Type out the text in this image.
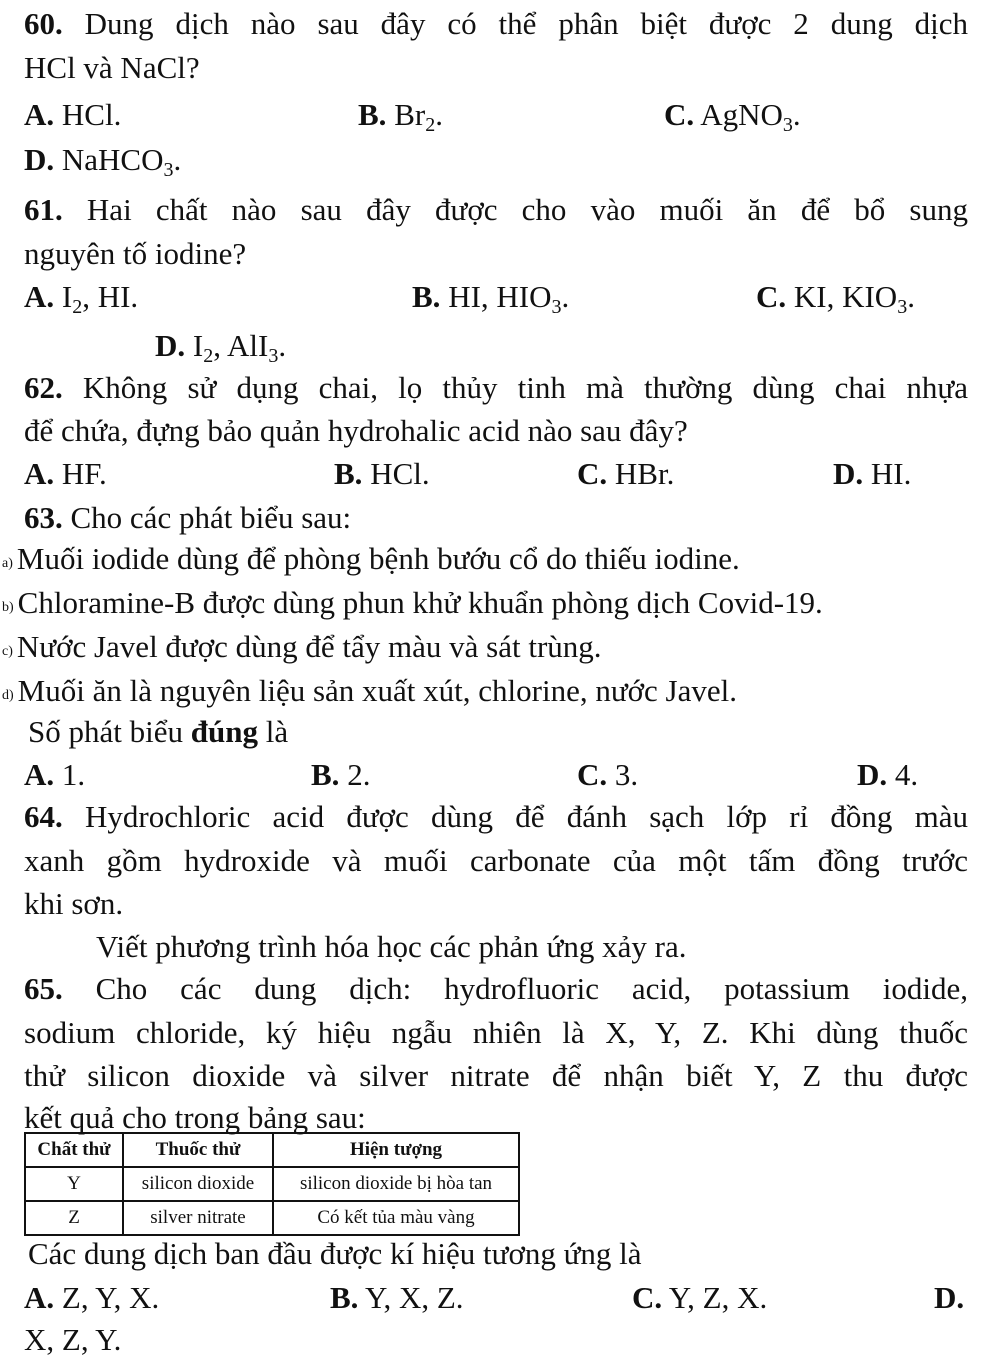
60. Dung dịch nào sau đây có thể phân biệt được 2 dung dịch
HCl và NaCl?
A. HCl.	B. $Br_2$.	C. AgNO$_3$.
D. NaHCO$_3$.
61. Hai chất nào sau đây được cho vào muối ăn để bổ sung
nguyên tố iodine?
A. $I_2$, HI.	B. HI, $HIO_3$.	C. KI, $KIO_3$.
D. $I_2$, AlI$_3$.
62. Không sử dụng chai, lọ thủy tinh mà thường dùng chai nhựa
để chứa, đựng bảo quản hydrohalic acid nào sau đây?
A. HF.	B. HCl.	C. HBr.	D. HI.
63. Cho các phát biểu sau:
a) Muối iodide dùng để phòng bệnh bướu cổ do thiếu iodine.
b) Chloramine-B được dùng phun khử khuẩn phòng dịch Covid-19.
c) Nước Javel được dùng để tẩy màu và sát trùng.
d) Muối ăn là nguyên liệu sản xuất xút, chlorine, nước Javel.
Số phát biểu đúng là
A. 1.	B. 2.	C. 3.	D. 4.
64. Hydrochloric acid được dùng để đánh sạch lớp rỉ đồng màu
xanh gồm hydroxide và muối carbonate của một tấm đồng trước
khi sơn.
Viết phương trình hóa học các phản ứng xảy ra.
65. Cho các dung dịch: hydrofluoric acid, potassium iodide,
sodium chloride, ký hiệu ngẫu nhiên là X, Y, Z. Khi dùng thuốc
thử silicon dioxide và silver nitrate để nhận biết Y, Z thu được
kết quả cho trong bảng sau:
Chất thử	Thuốc thử	Hiện tượng
Y	silicon dioxide	silicon dioxide bị hòa tan
Z	silver nitrate	Có kết tủa màu vàng
Các dung dịch ban đầu được kí hiệu tương ứng là
A. Z, Y, X.	B. Y, X, Z.	C. Y, Z, X.	D.
X, Z, Y.
